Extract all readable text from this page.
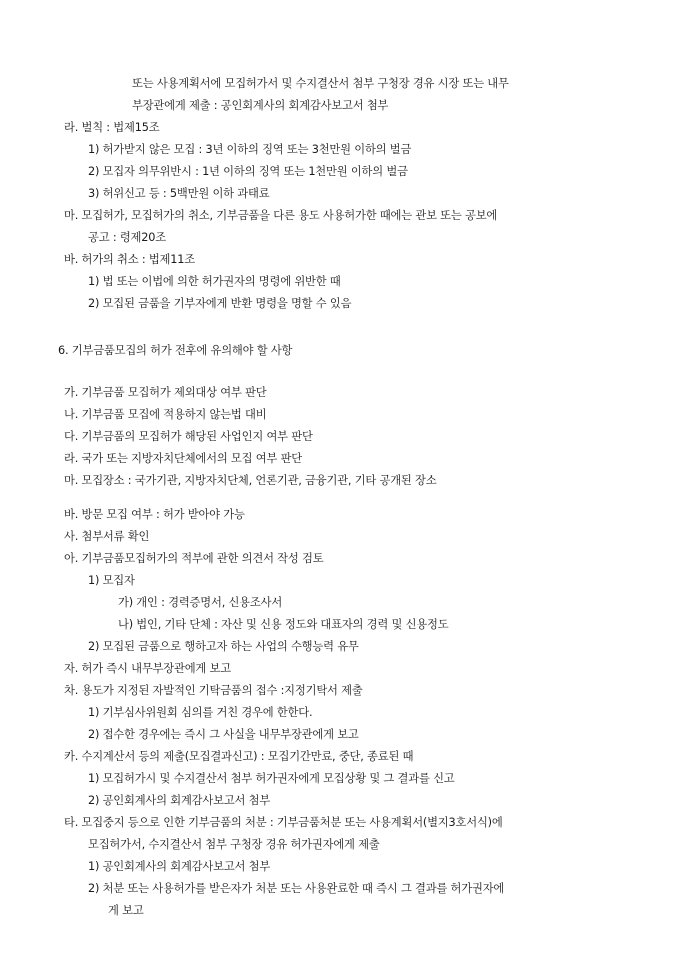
또는 사용계획서에 모집허가서 및 수지결산서 첨부 구청장 경유 시장 또는 내무
부장관에게 제출 : 공인회계사의 회계감사보고서 첨부
라. 벌칙 : 법제15조
1) 허가받지 않은 모집 : 3년 이하의 징역 또는 3천만원 이하의 벌금
2) 모집자 의무위반시 : 1년 이하의 징역 또는 1천만원 이하의 벌금
3) 허위신고 등 : 5백만원 이하 과태료
마. 모집허가, 모집허가의 취소, 기부금품을 다른 용도 사용허가한 때에는 관보 또는 공보에
공고 : 령제20조
바. 허가의 취소 : 법제11조
1) 법 또는 이법에 의한 허가권자의 명령에 위반한 때
2) 모집된 금품을 기부자에게 반환 명령을 명할 수 있음
6. 기부금품모집의 허가 전후에 유의해야 할 사항
가. 기부금품 모집허가 제외대상 여부 판단
나. 기부금품 모집에 적용하지 않는법 대비
다. 기부금품의 모집허가 해당된 사업인지 여부 판단
라. 국가 또는 지방자치단체에서의 모집 여부 판단
마. 모집장소 : 국가기관, 지방자치단체, 언론기관, 금융기관, 기타 공개된 장소
바. 방문 모집 여부 : 허가 받아야 가능
사. 첨부서류 확인
아. 기부금품모집허가의 적부에 관한 의견서 작성 검토
1) 모집자
가) 개인 : 경력증명서, 신용조사서
나) 법인, 기타 단체 : 자산 및 신용 정도와 대표자의 경력 및 신용정도
2) 모집된 금품으로 행하고자 하는 사업의 수행능력 유무
자. 허가 즉시 내무부장관에게 보고
차. 용도가 지정된 자발적인 기탁금품의 접수 :지정기탁서 제출
1) 기부심사위원회 심의를 거친 경우에 한한다.
2) 접수한 경우에는 즉시 그 사실을 내무부장관에게 보고
카. 수지계산서 등의 제출(모집결과신고) : 모집기간만료, 중단, 종료된 때
1) 모집허가시 및 수지결산서 첨부 허가권자에게 모집상황 및 그 결과를 신고
2) 공인회계사의 회계감사보고서 첨부
타. 모집중지 등으로 인한 기부금품의 처분 : 기부금품처분 또는 사용계획서(별지3호서식)에
모집허가서, 수지결산서 첨부 구청장 경유 허가권자에게 제출
1) 공인회계사의 회계감사보고서 첨부
2) 처분 또는 사용허가를 받은자가 처분 또는 사용완료한 때 즉시 그 결과를 허가권자에
게 보고
